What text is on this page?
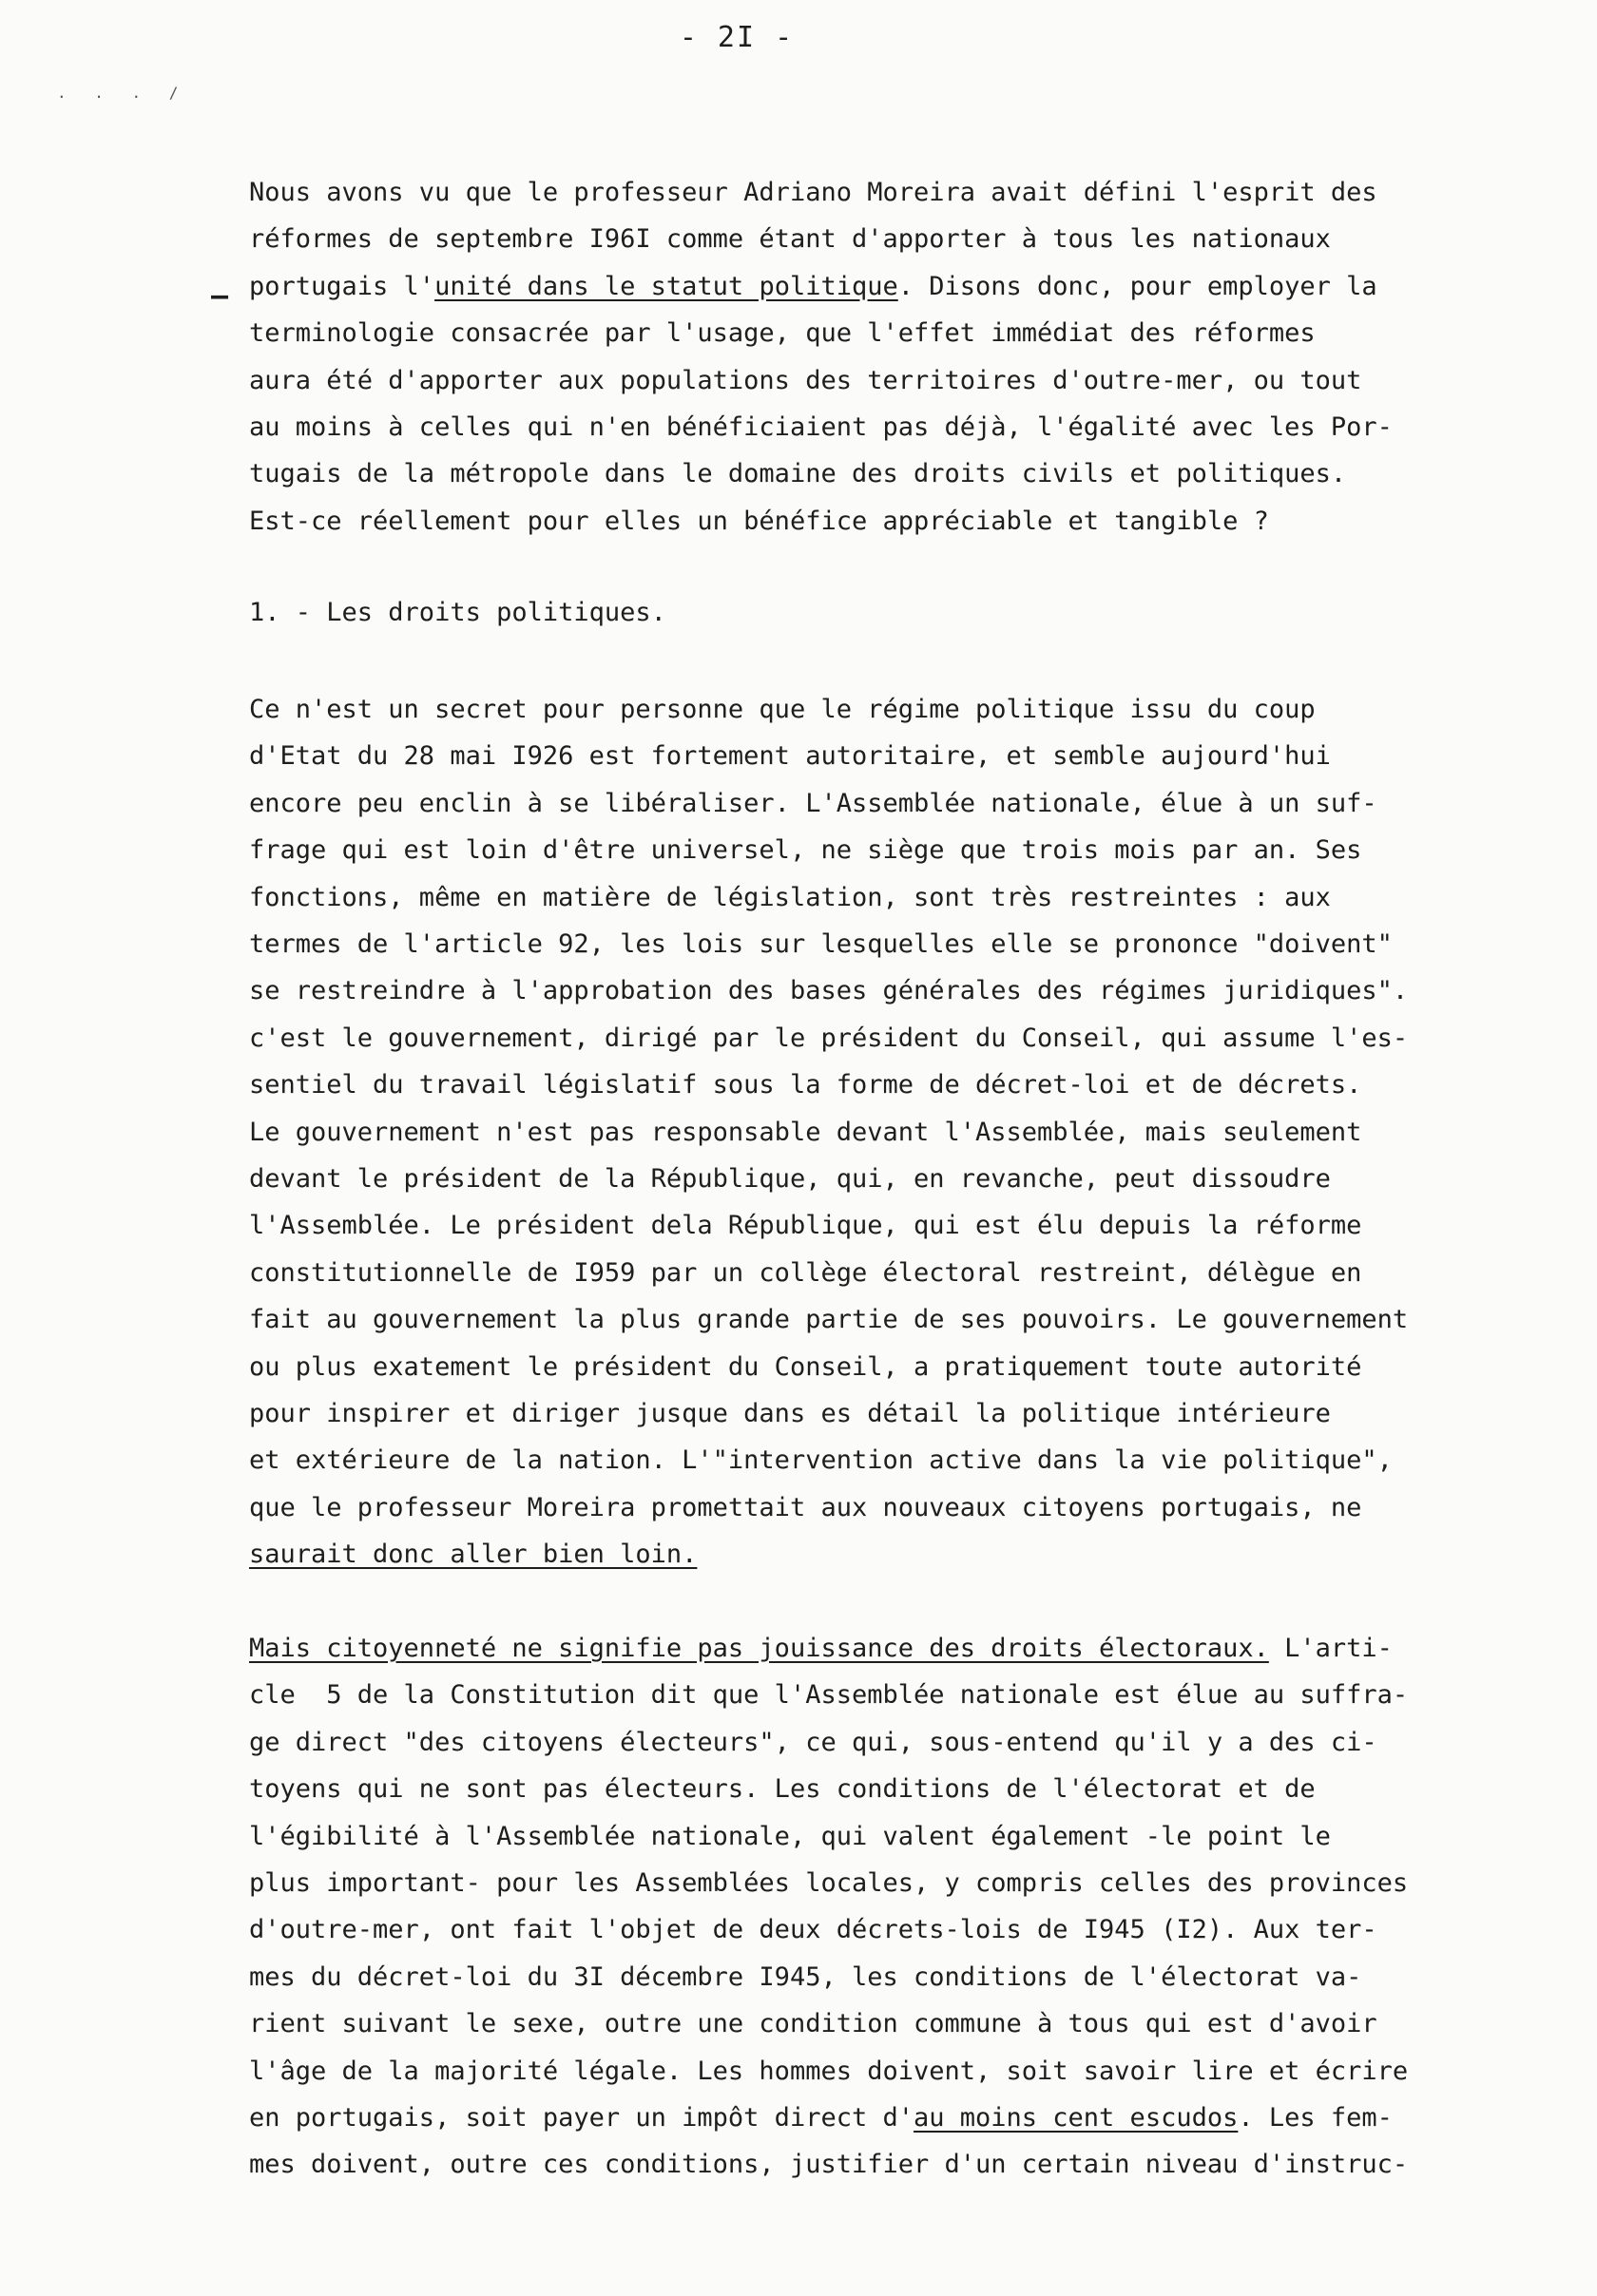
- 2I -
. . . /
–

Nous avons vu que le professeur Adriano Moreira avait défini l'esprit des

réformes de septembre I96I comme étant d'apporter à tous les nationaux

portugais l'unité dans le statut politique. Disons donc, pour employer la

terminologie consacrée par l'usage, que l'effet immédiat des réformes

aura été d'apporter aux populations des territoires d'outre-mer, ou tout

au moins à celles qui n'en bénéficiaient pas déjà, l'égalité avec les Por-

tugais de la métropole dans le domaine des droits civils et politiques.

Est-ce réellement pour elles un bénéfice appréciable et tangible ?

1. - Les droits politiques.

Ce n'est un secret pour personne que le régime politique issu du coup

d'Etat du 28 mai I926 est fortement autoritaire, et semble aujourd'hui

encore peu enclin à se libéraliser. L'Assemblée nationale, élue à un suf-

frage qui est loin d'être universel, ne siège que trois mois par an. Ses

fonctions, même en matière de législation, sont très restreintes : aux

termes de l'article 92, les lois sur lesquelles elle se prononce "doivent"

se restreindre à l'approbation des bases générales des régimes juridiques".

c'est le gouvernement, dirigé par le président du Conseil, qui assume l'es-

sentiel du travail législatif sous la forme de décret-loi et de décrets.

Le gouvernement n'est pas responsable devant l'Assemblée, mais seulement

devant le président de la République, qui, en revanche, peut dissoudre

l'Assemblée. Le président dela République, qui est élu depuis la réforme

constitutionnelle de I959 par un collège électoral restreint, délègue en

fait au gouvernement la plus grande partie de ses pouvoirs. Le gouvernement

ou plus exatement le président du Conseil, a pratiquement toute autorité

pour inspirer et diriger jusque dans es détail la politique intérieure

et extérieure de la nation. L'"intervention active dans la vie politique",

que le professeur Moreira promettait aux nouveaux citoyens portugais, ne

saurait donc aller bien loin.

Mais citoyenneté ne signifie pas jouissance des droits électoraux. L'arti-

cle  5 de la Constitution dit que l'Assemblée nationale est élue au suffra-

ge direct "des citoyens électeurs", ce qui, sous-entend qu'il y a des ci-

toyens qui ne sont pas électeurs. Les conditions de l'électorat et de

l'égibilité à l'Assemblée nationale, qui valent également -le point le

plus important- pour les Assemblées locales, y compris celles des provinces

d'outre-mer, ont fait l'objet de deux décrets-lois de I945 (I2). Aux ter-

mes du décret-loi du 3I décembre I945, les conditions de l'électorat va-

rient suivant le sexe, outre une condition commune à tous qui est d'avoir

l'âge de la majorité légale. Les hommes doivent, soit savoir lire et écrire

en portugais, soit payer un impôt direct d'au moins cent escudos. Les fem-

mes doivent, outre ces conditions, justifier d'un certain niveau d'instruc-
